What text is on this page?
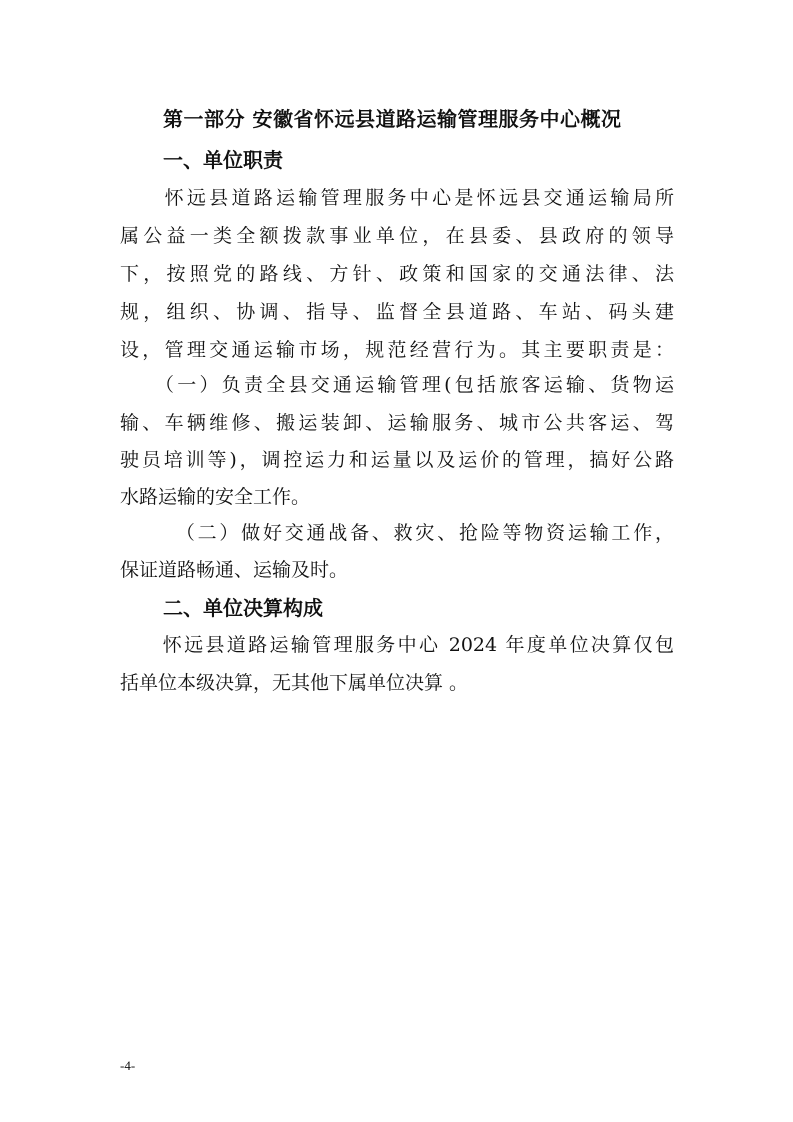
第一部分 安徽省怀远县道路运输管理服务中心概况
一、单位职责
　　怀远县道路运输管理服务中心是怀远县交通运输局所
属公益一类全额拨款事业单位，在县委、县政府的领导
下，按照党的路线、方针、政策和国家的交通法律、法
规，组织、协调、指导、监督全县道路、车站、码头建
设，管理交通运输市场，规范经营行为。其主要职责是：
　　（一）负责全县交通运输管理(包括旅客运输、货物运
输、车辆维修、搬运装卸、运输服务、城市公共客运、驾
驶员培训等)，调控运力和运量以及运价的管理，搞好公路
水路运输的安全工作。
　　　（二）做好交通战备、救灾、抢险等物资运输工作，
保证道路畅通、运输及时。
二、单位决算构成
　　怀远县道路运输管理服务中心 2024 年度单位决算仅包
括单位本级决算，无其他下属单位决算 。
-4-
